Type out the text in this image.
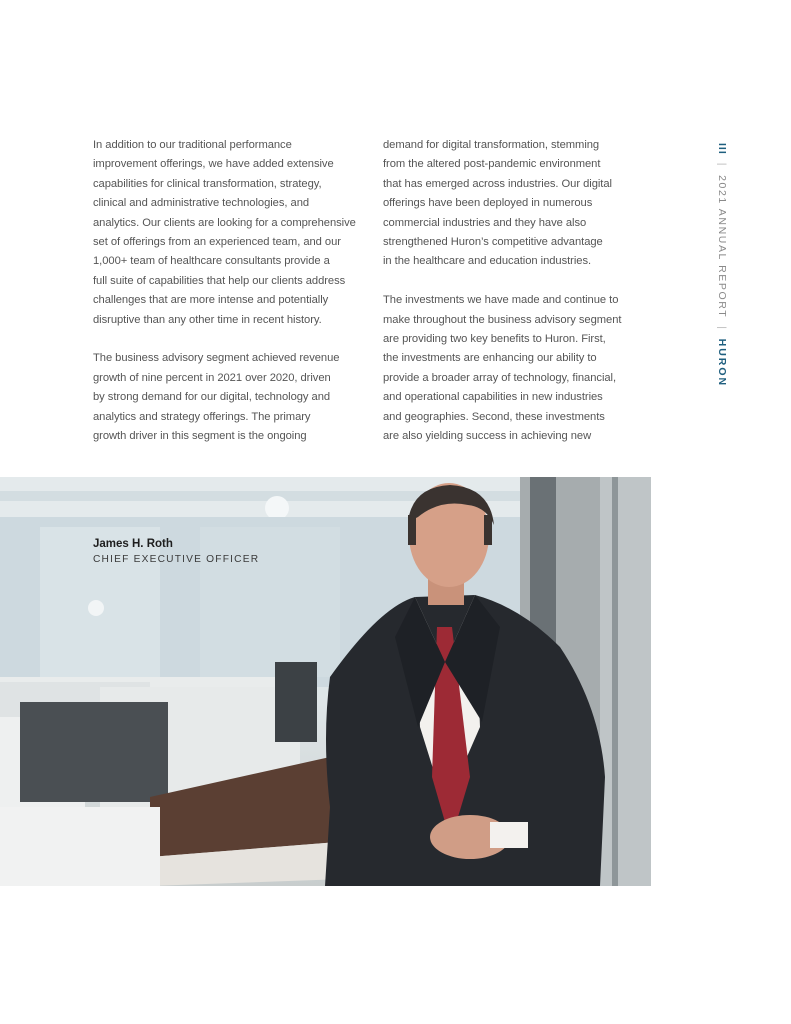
In addition to our traditional performance
improvement offerings, we have added extensive
capabilities for clinical transformation, strategy,
clinical and administrative technologies, and
analytics. Our clients are looking for a comprehensive
set of offerings from an experienced team, and our
1,000+ team of healthcare consultants provide a
full suite of capabilities that help our clients address
challenges that are more intense and potentially
disruptive than any other time in recent history.

The business advisory segment achieved revenue
growth of nine percent in 2021 over 2020, driven
by strong demand for our digital, technology and
analytics and strategy offerings. The primary
growth driver in this segment is the ongoing

demand for digital transformation, stemming
from the altered post-pandemic environment
that has emerged across industries. Our digital
offerings have been deployed in numerous
commercial industries and they have also
strengthened Huron’s competitive advantage
in the healthcare and education industries.

The investments we have made and continue to
make throughout the business advisory segment
are providing two key benefits to Huron. First,
the investments are enhancing our ability to
provide a broader array of technology, financial,
and operational capabilities in new industries
and geographies. Second, these investments
are also yielding success in achieving new

III|2021 ANNUAL REPORT|HURON
James H. Roth
CHIEF EXECUTIVE OFFICER
